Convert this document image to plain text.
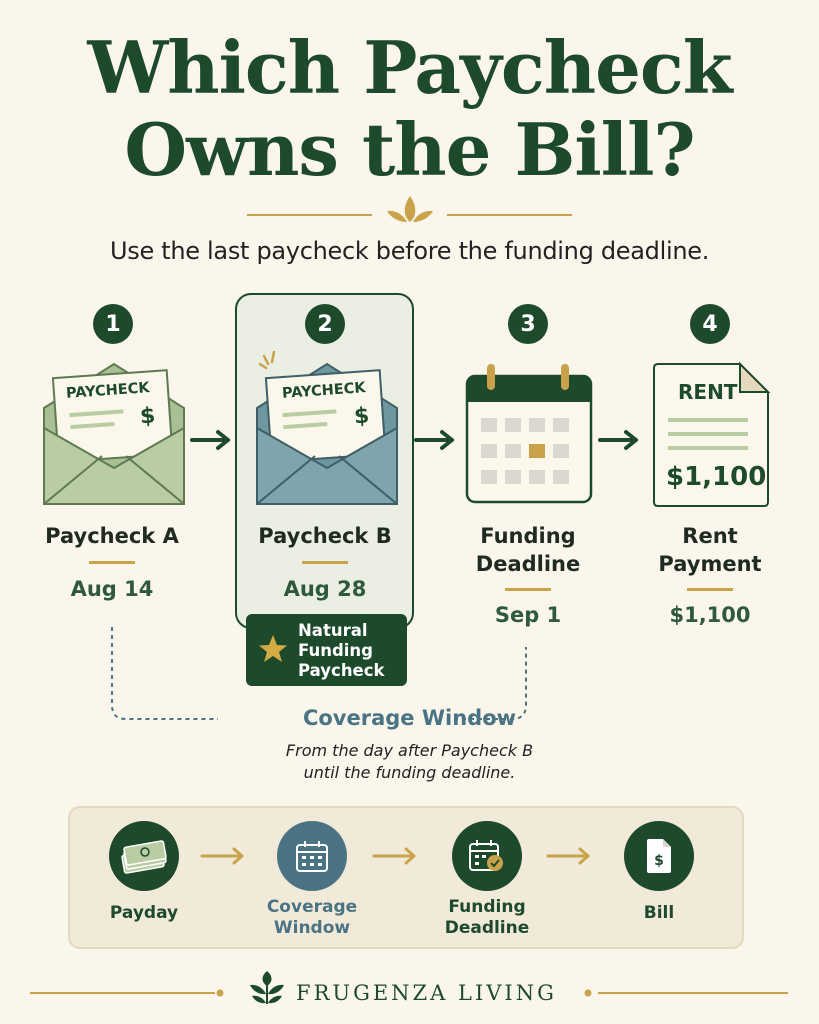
Which Paycheck
Owns the Bill?
Use the last paycheck before the funding deadline.
1	2	3	4
PAYCHECK
$
PAYCHECK
$
RENT
$1,100
Paycheck A	Paycheck B	Funding
Deadline
Rent
Payment
Aug 14	Aug 28
Sep 1	$1,100
Natural
Funding
Paycheck
Coverage Window
From the day after Paycheck B
until the funding deadline.
$
Payday	Coverage
Window
Funding
Deadline
Bill
FRUGENZA LIVING
